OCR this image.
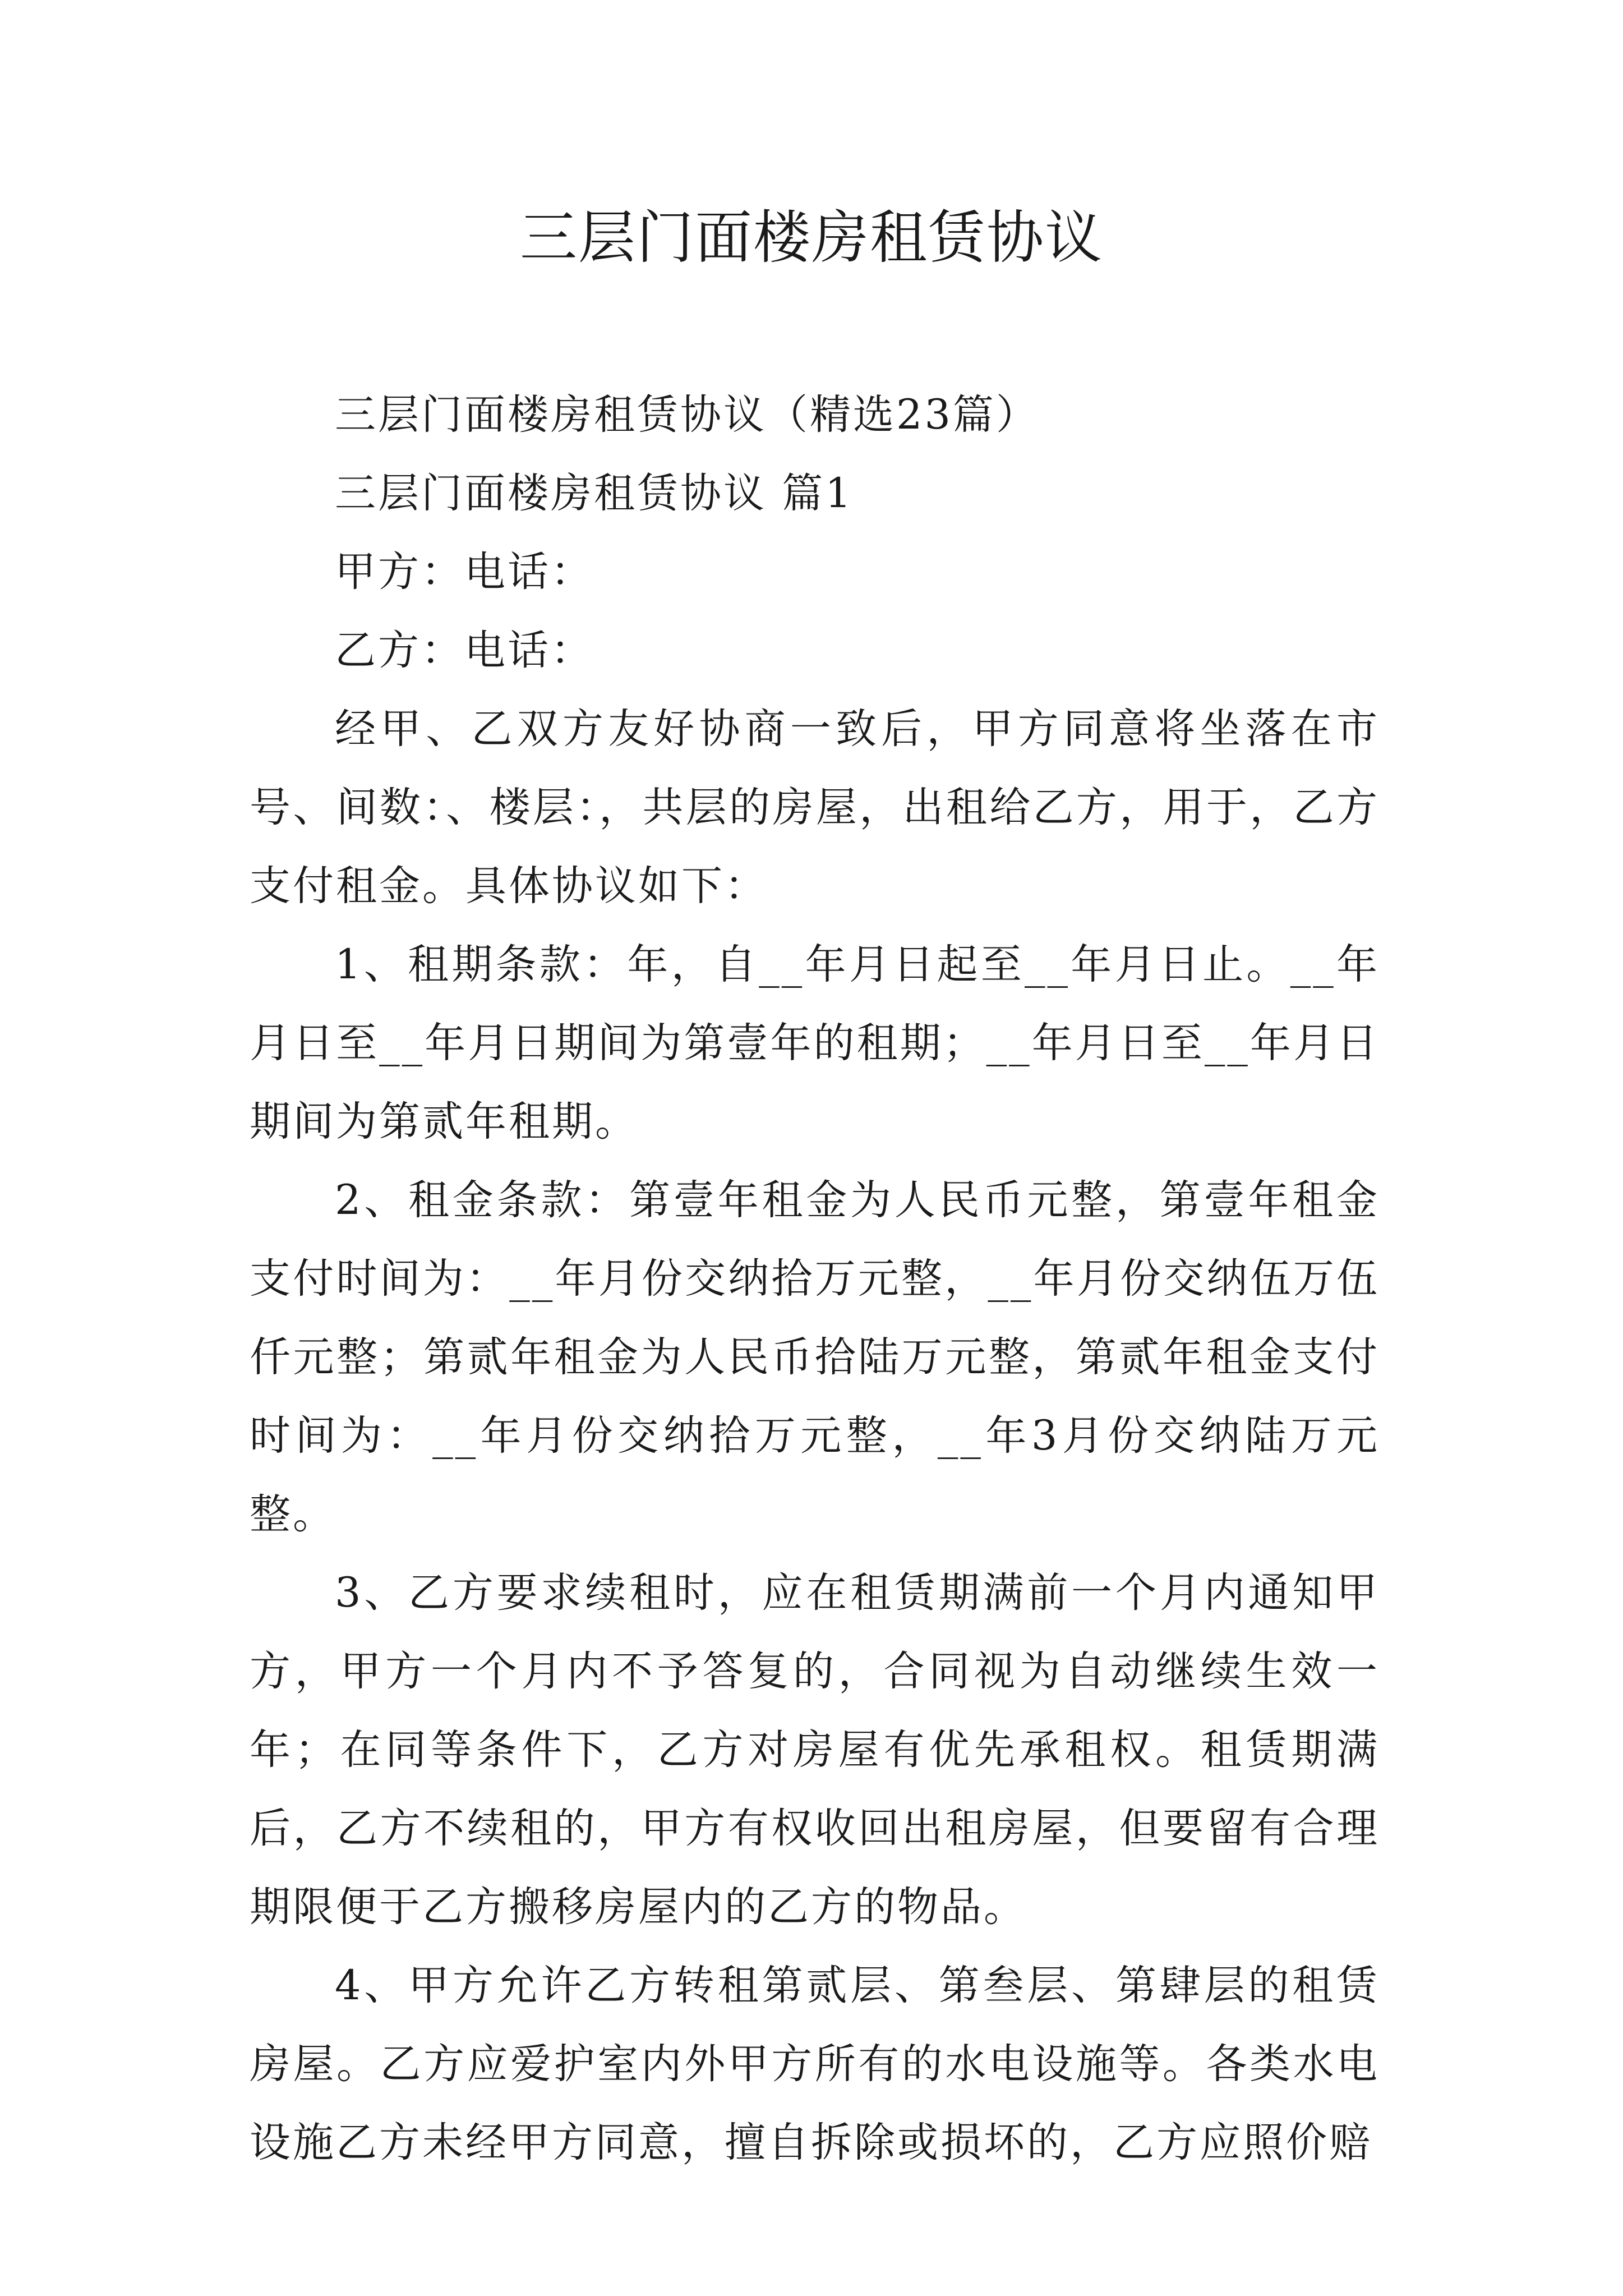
三层门面楼房租赁协议

三层门面楼房租赁协议（精选23篇）

三层门面楼房租赁协议 篇1

甲方：电话：

乙方：电话：

经甲、乙双方友好协商一致后，甲方同意将坐落在市号、间数：、楼层：，共层的房屋，出租给乙方，用于，乙方支付租金。具体协议如下：

1、租期条款：年，自__年月日起至__年月日止。__年月日至__年月日期间为第壹年的租期；__年月日至__年月日期间为第贰年租期。

2、租金条款：第壹年租金为人民币元整，第壹年租金支付时间为：__年月份交纳拾万元整，__年月份交纳伍万伍仟元整；第贰年租金为人民币拾陆万元整，第贰年租金支付时间为：__年月份交纳拾万元整，__年3月份交纳陆万元整。

3、乙方要求续租时，应在租赁期满前一个月内通知甲方，甲方一个月内不予答复的，合同视为自动继续生效一年；在同等条件下，乙方对房屋有优先承租权。租赁期满后，乙方不续租的，甲方有权收回出租房屋，但要留有合理期限便于乙方搬移房屋内的乙方的物品。

4、甲方允许乙方转租第贰层、第叁层、第肆层的租赁房屋。乙方应爱护室内外甲方所有的水电设施等。各类水电设施乙方未经甲方同意，擅自拆除或损坏的，乙方应照价赔
